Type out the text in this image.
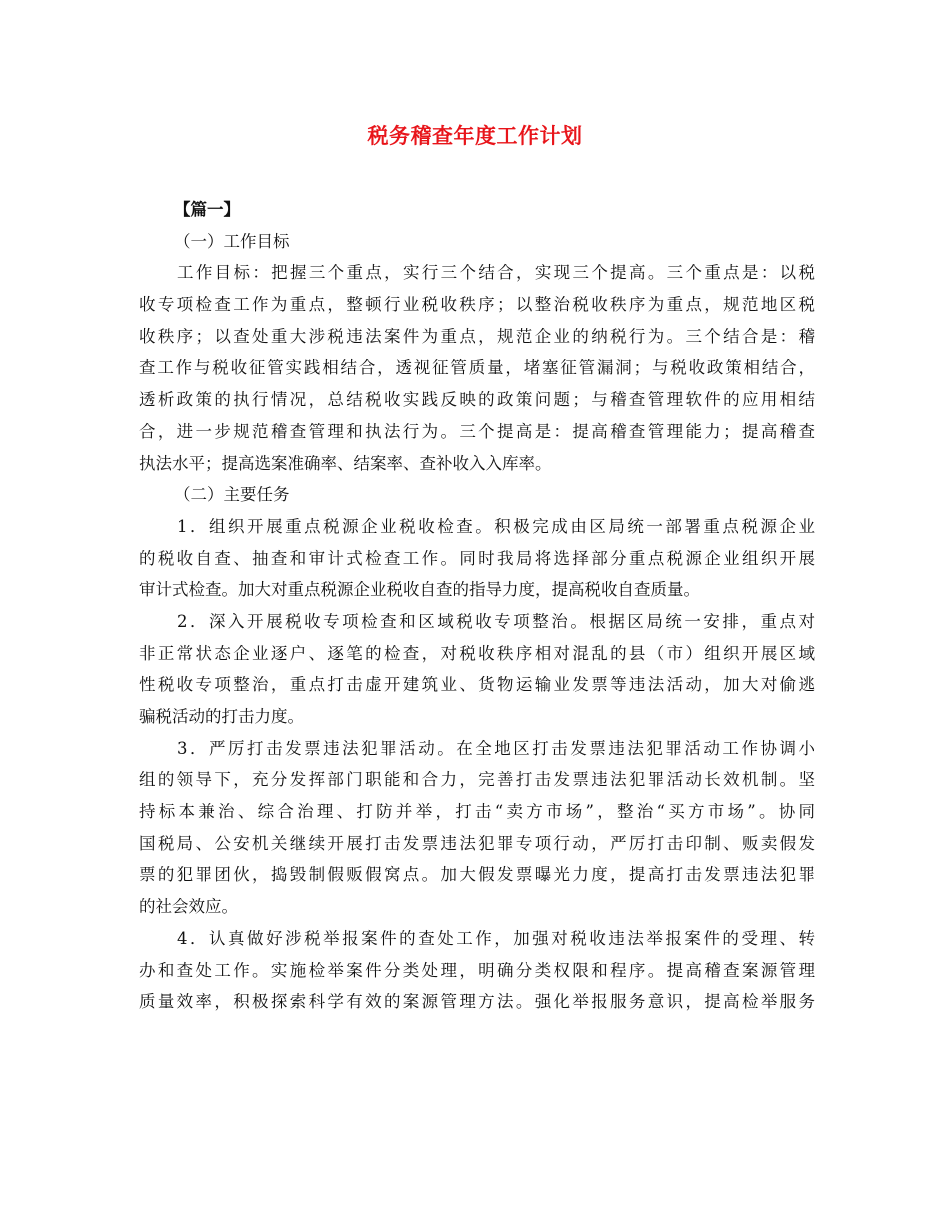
税务稽查年度工作计划
【篇一】
（一）工作目标
工作目标：把握三个重点，实行三个结合，实现三个提高。三个重点是：以税
收专项检查工作为重点，整顿行业税收秩序；以整治税收秩序为重点，规范地区税
收秩序；以查处重大涉税违法案件为重点，规范企业的纳税行为。三个结合是：稽
查工作与税收征管实践相结合，透视征管质量，堵塞征管漏洞；与税收政策相结合，
透析政策的执行情况，总结税收实践反映的政策问题；与稽查管理软件的应用相结
合，进一步规范稽查管理和执法行为。三个提高是：提高稽查管理能力；提高稽查
执法水平；提高选案准确率、结案率、查补收入入库率。
（二）主要任务
1．组织开展重点税源企业税收检查。积极完成由区局统一部署重点税源企业
的税收自查、抽查和审计式检查工作。同时我局将选择部分重点税源企业组织开展
审计式检查。加大对重点税源企业税收自查的指导力度，提高税收自查质量。
2．深入开展税收专项检查和区域税收专项整治。根据区局统一安排，重点对
非正常状态企业逐户、逐笔的检查，对税收秩序相对混乱的县（市）组织开展区域
性税收专项整治，重点打击虚开建筑业、货物运输业发票等违法活动，加大对偷逃
骗税活动的打击力度。
3．严厉打击发票违法犯罪活动。在全地区打击发票违法犯罪活动工作协调小
组的领导下，充分发挥部门职能和合力，完善打击发票违法犯罪活动长效机制。坚
持标本兼治、综合治理、打防并举，打击“卖方市场”，整治“买方市场”。协同
国税局、公安机关继续开展打击发票违法犯罪专项行动，严厉打击印制、贩卖假发
票的犯罪团伙，捣毁制假贩假窝点。加大假发票曝光力度，提高打击发票违法犯罪
的社会效应。
4．认真做好涉税举报案件的查处工作，加强对税收违法举报案件的受理、转
办和查处工作。实施检举案件分类处理，明确分类权限和程序。提高稽查案源管理
质量效率，积极探索科学有效的案源管理方法。强化举报服务意识，提高检举服务
